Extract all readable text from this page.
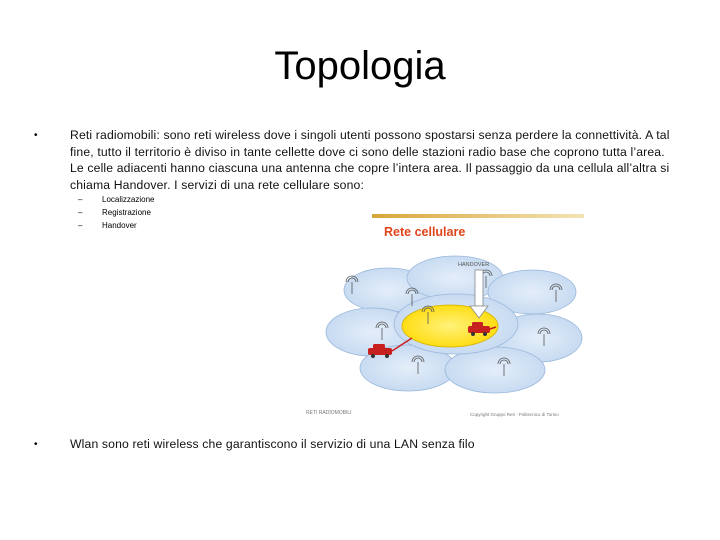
Topologia
•	Reti radiomobili: sono reti wireless dove i singoli utenti possono spostarsi senza perdere la connettività. A tal fine, tutto il territorio è diviso in tante cellette dove ci sono delle stazioni radio base che coprono tutta l’area. Le celle adiacenti hanno ciascuna una antenna che copre l’intera area. Il passaggio da una cellula all’altra si chiama Handover. I servizi di una rete cellulare sono:
–	Localizzazione
–	Registrazione
–	Handover	Rete cellulare
HANDOVER
RETI RADIOMOBILI	Copyright Gruppo Reti - Politecnico di Torino
•	Wlan sono reti wireless che garantiscono il servizio di una LAN senza filo
